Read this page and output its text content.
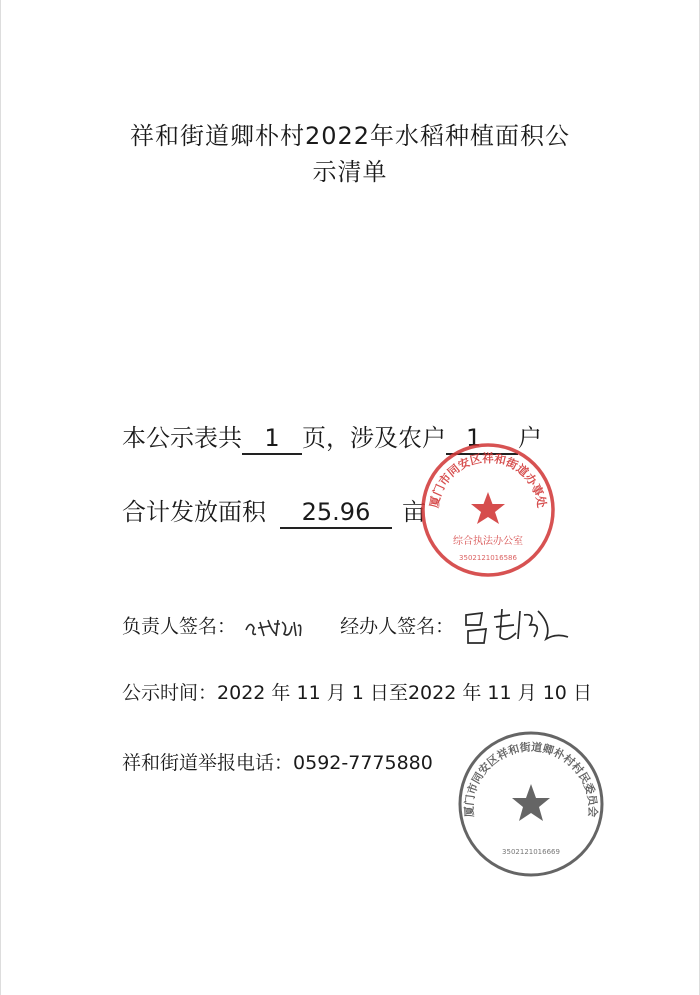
祥和街道卿朴村2022年水稻种植面积公
示清单
本公示表共 1 页，涉及农户 1 户
合计发放面积 25.96 亩
负责人签名：	经办人签名：
公示时间：2022 年 11 月 1 日至2022 年 11 月 10 日
祥和街道举报电话：0592-7775880
厦门市同安区祥和街道办事处
综合执法办公室
3502121016586
厦门市同安区祥和街道卿朴村村民委员会
3502121016669
